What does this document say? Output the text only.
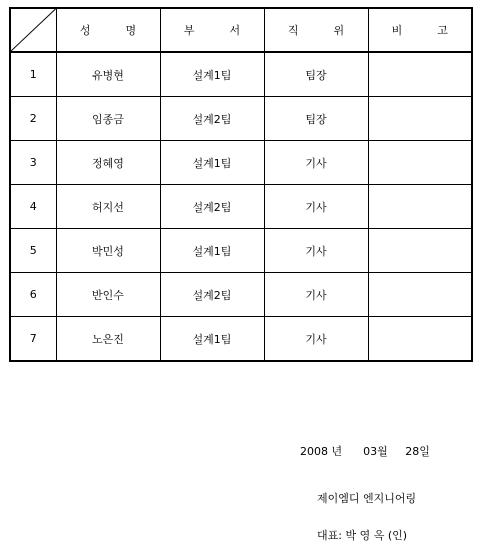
	성          명	부          서	직          위	비          고
1	유병현	설계1팀	팀장	
2	임종금	설계2팀	팀장	
3	정혜영	설계1팀	기사	
4	허지선	설계2팀	기사	
5	박민성	설계1팀	기사	
6	반인수	설계2팀	기사	
7	노은진	설계1팀	기사	
2008 년      03월     28일
제이엠디 엔지니어링
대표: 박 영 옥 (인)
